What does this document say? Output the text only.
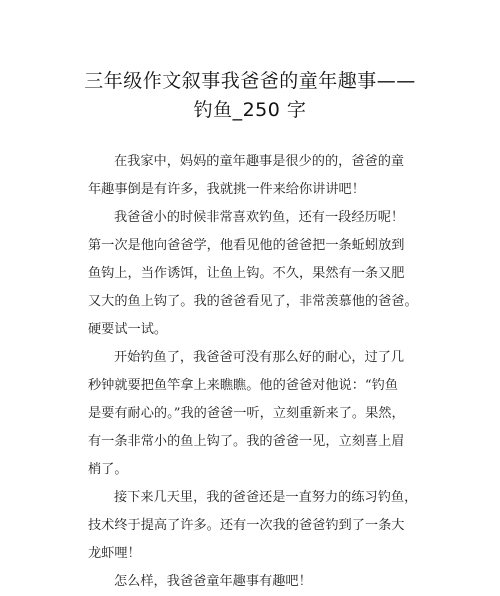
三年级作文叙事我爸爸的童年趣事——
钓鱼_250 字
在我家中，妈妈的童年趣事是很少的的，爸爸的童
年趣事倒是有许多，我就挑一件来给你讲讲吧！
我爸爸小的时候非常喜欢钓鱼，还有一段经历呢！
第一次是他向爸爸学，他看见他的爸爸把一条蚯蚓放到
鱼钩上，当作诱饵，让鱼上钩。不久，果然有一条又肥
又大的鱼上钩了。我的爸爸看见了，非常羡慕他的爸爸。
硬要试一试。
开始钓鱼了，我爸爸可没有那么好的耐心，过了几
秒钟就要把鱼竿拿上来瞧瞧。他的爸爸对他说：“钓鱼
是要有耐心的。”我的爸爸一听，立刻重新来了。果然，
有一条非常小的鱼上钩了。我的爸爸一见，立刻喜上眉
梢了。
接下来几天里，我的爸爸还是一直努力的练习钓鱼，
技术终于提高了许多。还有一次我的爸爸钓到了一条大
龙虾哩！
怎么样，我爸爸童年趣事有趣吧！
